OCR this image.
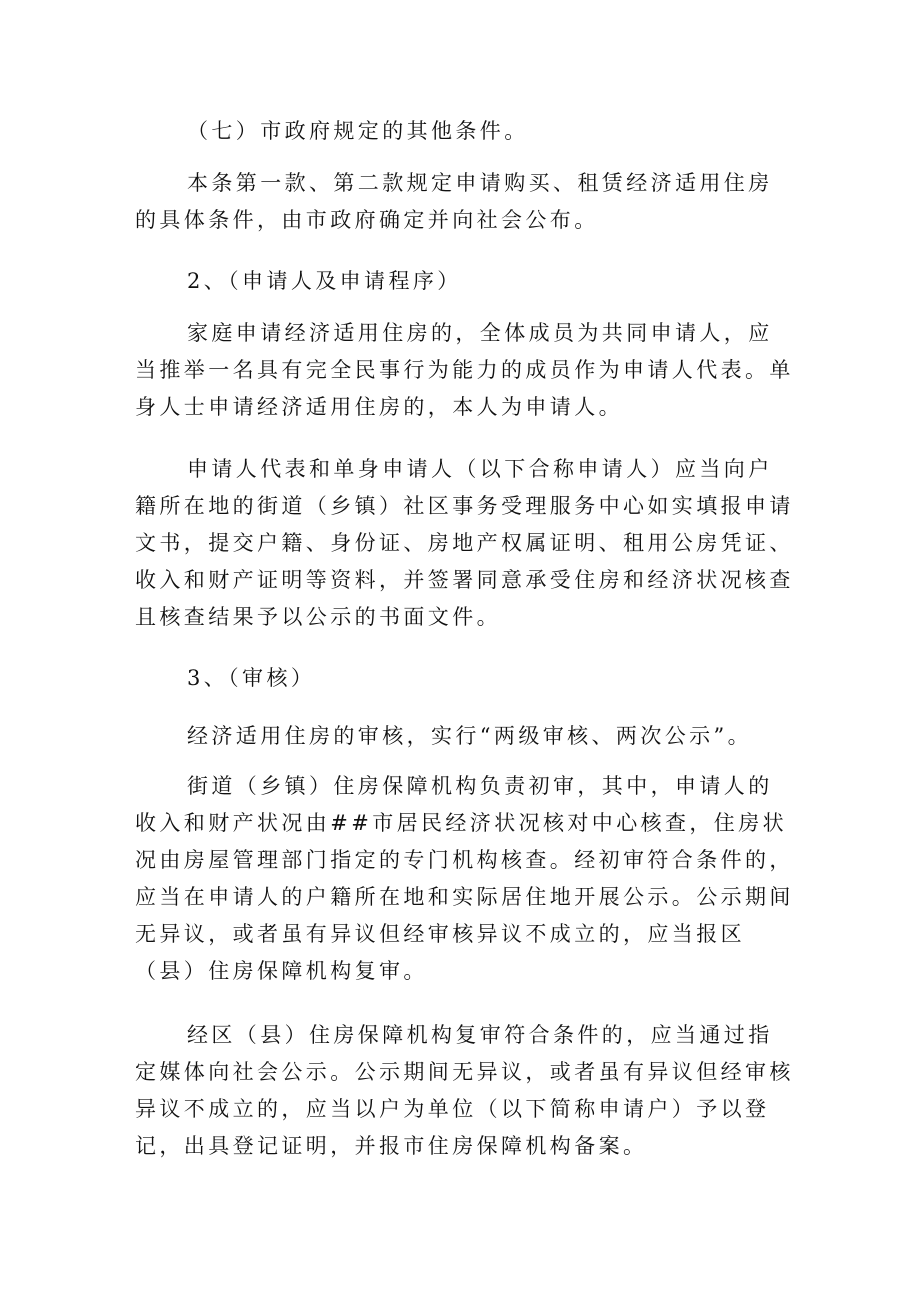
（七）市政府规定的其他条件。

本条第一款、第二款规定申请购买、租赁经济适用住房的具体条件，由市政府确定并向社会公布。

2、（申请人及申请程序）

家庭申请经济适用住房的，全体成员为共同申请人，应当推举一名具有完全民事行为能力的成员作为申请人代表。单身人士申请经济适用住房的，本人为申请人。

申请人代表和单身申请人（以下合称申请人）应当向户籍所在地的街道（乡镇）社区事务受理服务中心如实填报申请文书，提交户籍、身份证、房地产权属证明、租用公房凭证、收入和财产证明等资料，并签署同意承受住房和经济状况核查且核查结果予以公示的书面文件。

3、（审核）

经济适用住房的审核，实行“两级审核、两次公示”。

街道（乡镇）住房保障机构负责初审，其中，申请人的收入和财产状况由##市居民经济状况核对中心核查，住房状况由房屋管理部门指定的专门机构核查。经初审符合条件的，应当在申请人的户籍所在地和实际居住地开展公示。公示期间无异议，或者虽有异议但经审核异议不成立的，应当报区（县）住房保障机构复审。

经区（县）住房保障机构复审符合条件的，应当通过指定媒体向社会公示。公示期间无异议，或者虽有异议但经审核异议不成立的，应当以户为单位（以下简称申请户）予以登记，出具登记证明，并报市住房保障机构备案。
